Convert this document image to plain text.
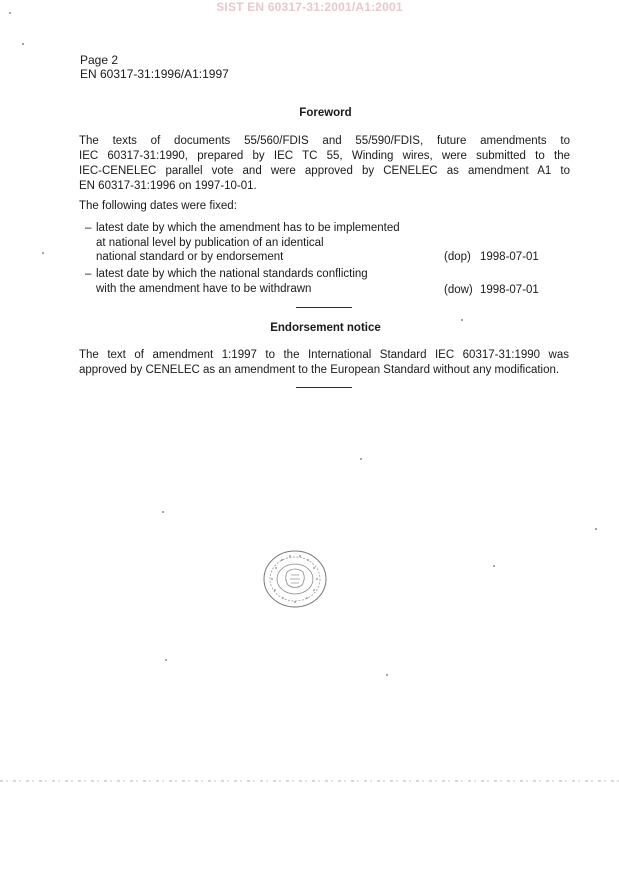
SIST EN 60317-31:2001/A1:2001
Page 2
EN 60317-31:1996/A1:1997
Foreword

The texts of documents 55/560/FDIS and 55/590/FDIS, future amendments to

IEC 60317-31:1990, prepared by IEC TC 55, Winding wires, were submitted to the

IEC-CENELEC parallel vote and were approved by CENELEC as amendment A1 to

EN 60317-31:1996 on 1997-10-01.

The following dates were fixed:
– latest date by which the amendment has to be implemented
at national level by publication of an identical
national standard or by endorsement	(dop) 1998-07-01
– latest date by which the national standards conflicting
with the amendment have to be withdrawn	(dow) 1998-07-01
Endorsement notice

The text of amendment 1:1997 to the International Standard IEC 60317-31:1990 was

approved by CENELEC as an amendment to the European Standard without any modification.
